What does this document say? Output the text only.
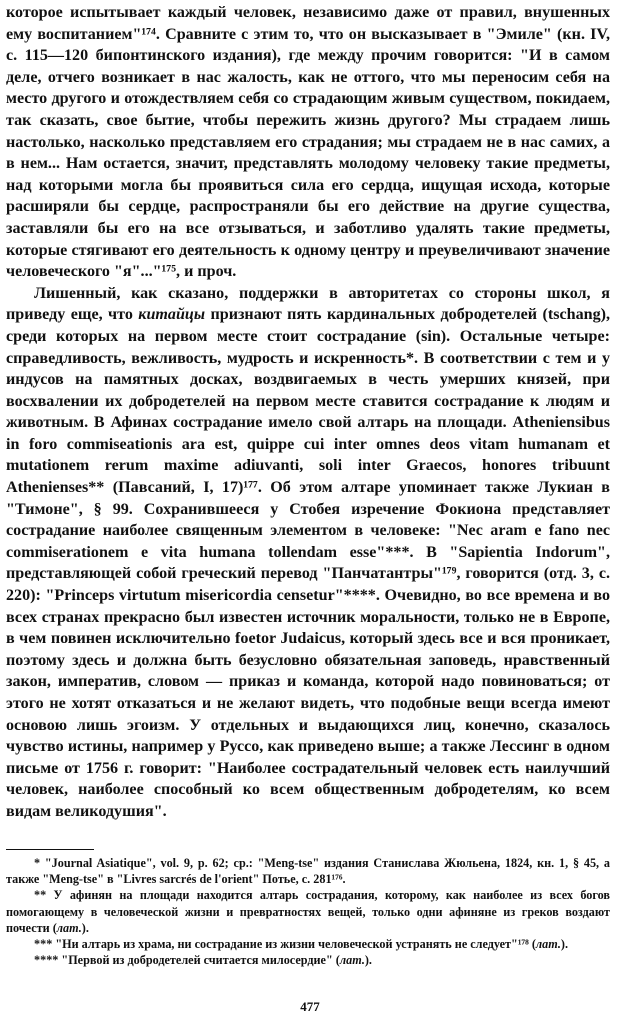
которое испытывает каждый человек, независимо даже от правил, внушенных ему воспитанием"¹⁷⁴. Сравните с этим то, что он высказывает в "Эмиле" (кн. IV, с. 115—120 бипонтинского издания), где между прочим говорится: "И в самом деле, отчего возникает в нас жалость, как не оттого, что мы переносим себя на место другого и отождествляем себя со страдающим живым существом, покидаем, так сказать, свое бытие, чтобы пережить жизнь другого? Мы страдаем лишь настолько, насколько представляем его страдания; мы страдаем не в нас самих, а в нем... Нам остается, значит, представлять молодому человеку такие предметы, над которыми могла бы проявиться сила его сердца, ищущая исхода, которые расширяли бы сердце, распространяли бы его действие на другие существа, заставляли бы его на все отзываться, и заботливо удалять такие предметы, которые стягивают его деятельность к одному центру и преувеличивают значение человеческого "я"..."¹⁷⁵, и проч.

Лишенный, как сказано, поддержки в авторитетах со стороны школ, я приведу еще, что китайцы признают пять кардинальных добродетелей (tschang), среди которых на первом месте стоит сострадание (sin). Остальные четыре: справедливость, вежливость, мудрость и искренность*. В соответствии с тем и у индусов на памятных досках, воздвигаемых в честь умерших князей, при восхвалении их добродетелей на первом месте ставится сострадание к людям и животным. В Афинах сострадание имело свой алтарь на площади. Atheniensibus in foro commiseationis ara est, quippe cui inter omnes deos vitam humanam et mutationem rerum maxime adiuvanti, soli inter Graecos, honores tribuunt Athenienses** (Павсаний, I, 17)¹⁷⁷. Об этом алтаре упоминает также Лукиан в "Тимоне", § 99. Сохранившееся у Стобея изречение Фокиона представляет сострадание наиболее священным элементом в человеке: "Nec aram e fano nec commiserationem e vita humana tollendam esse"***. В "Sapientia Indorum", представляющей собой греческий перевод "Панчатантры"¹⁷⁹, говорится (отд. 3, с. 220): "Princeps virtutum misericordia censetur"****. Очевидно, во все времена и во всех странах прекрасно был известен источник моральности, только не в Европе, в чем повинен исключительно foetor Judaicus, который здесь все и вся проникает, поэтому здесь и должна быть безусловно обязательная заповедь, нравственный закон, императив, словом — приказ и команда, которой надо повиноваться; от этого не хотят отказаться и не желают видеть, что подобные вещи всегда имеют основою лишь эгоизм. У отдельных и выдающихся лиц, конечно, сказалось чувство истины, например у Руссо, как приведено выше; а также Лессинг в одном письме от 1756 г. говорит: "Наиболее сострадательный человек есть наилучший человек, наиболее способный ко всем общественным добродетелям, ко всем видам великодушия".

* "Journal Asiatique", vol. 9, p. 62; ср.: "Meng-tse" издания Станислава Жюльена, 1824, кн. 1, § 45, а также "Meng-tse" в "Livres sarcrés de l'orient" Потье, с. 281¹⁷⁶.

** У афинян на площади находится алтарь сострадания, которому, как наиболее из всех богов помогающему в человеческой жизни и превратностях вещей, только одни афиняне из греков воздают почести (лат.).

*** "Ни алтарь из храма, ни сострадание из жизни человеческой устранять не следует"¹⁷⁸ (лат.).

**** "Первой из добродетелей считается милосердие" (лат.).

477
